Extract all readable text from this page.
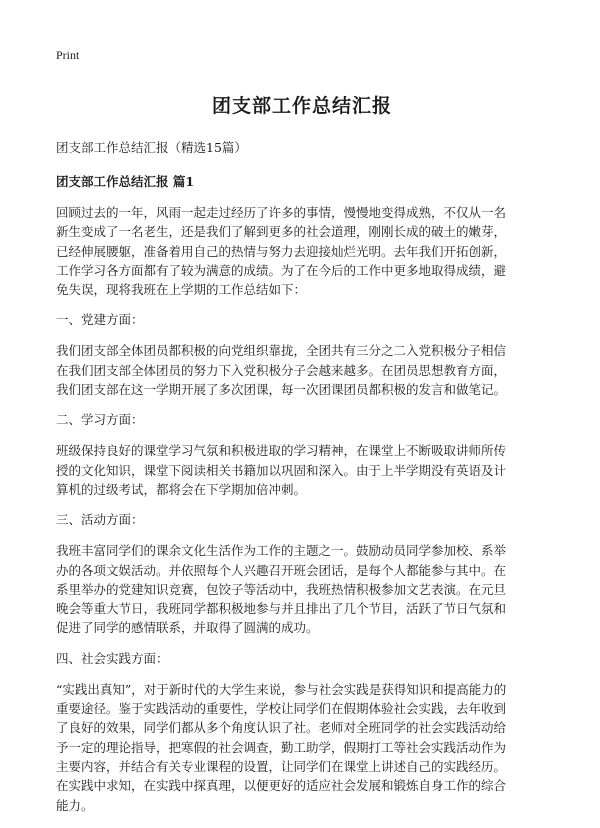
Print
团支部工作总结汇报
团支部工作总结汇报（精选15篇）
团支部工作总结汇报 篇1
回顾过去的一年，风雨一起走过经历了许多的事情，慢慢地变得成熟，不仅从一名
新生变成了一名老生，还是我们了解到更多的社会道理，刚刚长成的破土的嫩芽，
已经伸展腰躯，准备着用自己的热情与努力去迎接灿烂光明。去年我们开拓创新，
工作学习各方面都有了较为满意的成绩。为了在今后的工作中更多地取得成绩，避
免失误，现将我班在上学期的工作总结如下：
一、党建方面：
我们团支部全体团员都积极的向党组织靠拢，全团共有三分之二入党积极分子相信
在我们团支部全体团员的努力下入党积极分子会越来越多。在团员思想教育方面，
我们团支部在这一学期开展了多次团课，每一次团课团员都积极的发言和做笔记。
二、学习方面：
班级保持良好的课堂学习气氛和积极进取的学习精神，在课堂上不断吸取讲师所传
授的文化知识，课堂下阅读相关书籍加以巩固和深入。由于上半学期没有英语及计
算机的过级考试，都将会在下学期加倍冲刺。
三、活动方面：
我班丰富同学们的课余文化生活作为工作的主题之一。鼓励动员同学参加校、系举
办的各项文娱活动。并依照每个人兴趣召开班会团话，是每个人都能参与其中。在
系里举办的党建知识竞赛，包饺子等活动中，我班热情积极参加文艺表演。在元旦
晚会等重大节日，我班同学都积极地参与并且排出了几个节目，活跃了节日气氛和
促进了同学的感情联系，并取得了圆满的成功。
四、社会实践方面：
“实践出真知”，对于新时代的大学生来说，参与社会实践是获得知识和提高能力的
重要途径。鉴于实践活动的重要性，学校让同学们在假期体验社会实践，去年收到
了良好的效果，同学们都从多个角度认识了社。老师对全班同学的社会实践活动给
予一定的理论指导，把寒假的社会调查，勤工助学，假期打工等社会实践活动作为
主要内容，并结合有关专业课程的设置，让同学们在课堂上讲述自己的实践经历。
在实践中求知，在实践中探真理，以便更好的适应社会发展和锻炼自身工作的综合
能力。
